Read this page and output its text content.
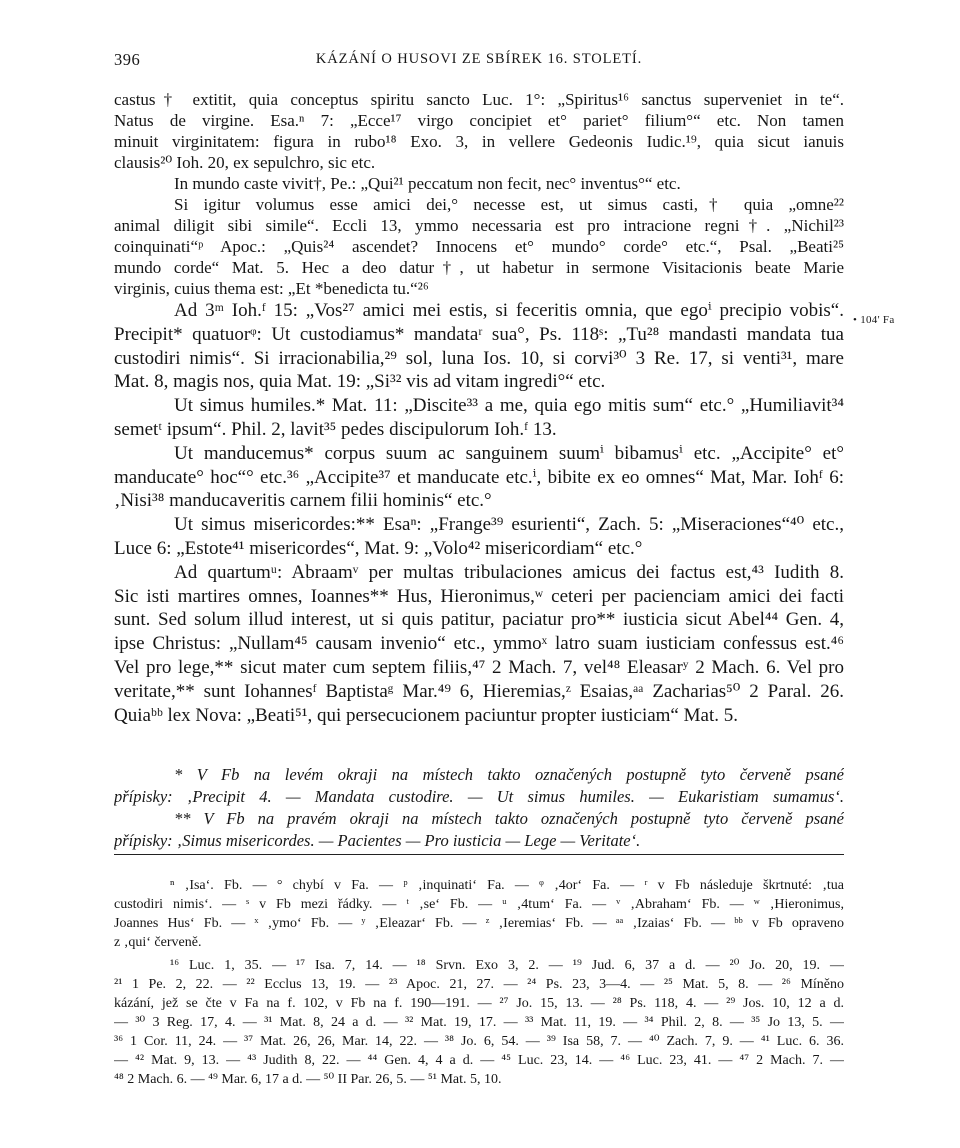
396	KÁZÁNÍ O HUSOVI ZE SBÍREK 16. STOLETÍ.
castus† extitit, quia conceptus spiritu sancto Luc. 1°: „Spiritus¹⁶ sanctus superveniet in te“.
Natus de virgine. Esa.ⁿ 7: „Ecce¹⁷ virgo concipiet et° pariet° filium°“ etc. Non tamen
minuit virginitatem: figura in rubo¹⁸ Exo. 3, in vellere Gedeonis Iudic.¹⁹, quia sicut ianuis
clausis²⁰ Ioh. 20, ex sepulchro, sic etc.
In mundo caste vivit†, Pe.: „Qui²¹ peccatum non fecit, nec° inventus°“ etc.
Si igitur volumus esse amici dei,° necesse est, ut simus casti,† quia „omne²²
animal diligit sibi simile“. Eccli 13, ymmo necessaria est pro intracione regni†. „Nichil²³
coinquinati“ᵖ Apoc.: „Quis²⁴ ascendet? Innocens et° mundo° corde° etc.“, Psal. „Beati²⁵
mundo corde“ Mat. 5. Hec a deo datur†, ut habetur in sermone Visitacionis beate Marie
virginis, cuius thema est: „Et *benedicta tu.“²⁶
Ad 3ᵐ Ioh.ᶠ 15: „Vos²⁷ amici mei estis, si feceritis omnia, que egoⁱ precipio vobis“.
Precipit* quatuorᵠ: Ut custodiamus* mandataʳ sua°, Ps. 118ˢ: „Tu²⁸ mandasti mandata tua
custodiri nimis“. Si irracionabilia,²⁹ sol, luna Ios. 10, si corvi³⁰ 3 Re. 17, si venti³¹, mare
Mat. 8, magis nos, quia Mat. 19: „Si³² vis ad vitam ingredi°“ etc.
Ut simus humiles.* Mat. 11: „Discite³³ a me, quia ego mitis sum“ etc.° „Humiliavit³⁴
semetᵗ ipsum“. Phil. 2, lavit³⁵ pedes discipulorum Ioh.ᶠ 13.
Ut manducemus* corpus suum ac sanguinem suumⁱ bibamusⁱ etc. „Accipite° et°
manducate° hoc“° etc.³⁶ „Accipite³⁷ et manducate etc.ⁱ, bibite ex eo omnes“ Mat, Mar. Iohᶠ 6:
‚Nisi³⁸ manducaveritis carnem filii hominis“ etc.°
Ut simus misericordes:** Esaⁿ: „Frange³⁹ esurienti“, Zach. 5: „Miseraciones“⁴⁰ etc.,
Luce 6: „Estote⁴¹ misericordes“, Mat. 9: „Volo⁴² misericordiam“ etc.°
Ad quartumᵘ: Abraamᵛ per multas tribulaciones amicus dei factus est,⁴³ Iudith 8.
Sic isti martires omnes, Ioannes** Hus, Hieronimus,ʷ ceteri per pacienciam amici dei facti
sunt. Sed solum illud interest, ut si quis patitur, paciatur pro** iusticia sicut Abel⁴⁴ Gen. 4,
ipse Christus: „Nullam⁴⁵ causam invenio“ etc., ymmoˣ latro suam iusticiam confessus est.⁴⁶
Vel pro lege,** sicut mater cum septem filiis,⁴⁷ 2 Mach. 7, vel⁴⁸ Eleasarʸ 2 Mach. 6. Vel pro
veritate,** sunt Iohannesᶠ Baptistaᵍ Mar.⁴⁹ 6, Hieremias,ᶻ Esaias,ᵃᵃ Zacharias⁵⁰ 2 Paral. 26.
Quiaᵇᵇ lex Nova: „Beati⁵¹, qui persecucionem paciuntur propter iusticiam“ Mat. 5.
• 104' Fa
* V Fb na levém okraji na místech takto označených postupně tyto červeně psané
přípisky: ‚Precipit 4. — Mandata custodire. — Ut simus humiles. — Eukaristiam sumamus‘.
** V Fb na pravém okraji na místech takto označených postupně tyto červeně psané
přípisky: ‚Simus misericordes. — Pacientes — Pro iusticia — Lege — Veritate‘.
ⁿ ‚Isa‘. Fb. — ° chybí v Fa. — ᵖ ‚inquinati‘ Fa. — ᵠ ‚4or‘ Fa. — ʳ v Fb následuje škrtnuté: ‚tua
custodiri nimis‘. — ˢ v Fb mezi řádky. — ᵗ ‚se‘ Fb. — ᵘ ‚4tum‘ Fa. — ᵛ ‚Abraham‘ Fb. — ʷ ‚Hieronimus,
Joannes Hus‘ Fb. — ˣ ‚ymo‘ Fb. — ʸ ‚Eleazar‘ Fb. — ᶻ ‚Ieremias‘ Fb. — ᵃᵃ ‚Izaias‘ Fb. — ᵇᵇ v Fb opraveno
z ‚qui‘ červeně.
¹⁶ Luc. 1, 35. — ¹⁷ Isa. 7, 14. — ¹⁸ Srvn. Exo 3, 2. — ¹⁹ Jud. 6, 37 a d. — ²⁰ Jo. 20, 19. —
²¹ 1 Pe. 2, 22. — ²² Ecclus 13, 19. — ²³ Apoc. 21, 27. — ²⁴ Ps. 23, 3—4. — ²⁵ Mat. 5, 8. — ²⁶ Míněno
kázání, jež se čte v Fa na f. 102, v Fb na f. 190—191. — ²⁷ Jo. 15, 13. — ²⁸ Ps. 118, 4. — ²⁹ Jos. 10, 12 a d.
— ³⁰ 3 Reg. 17, 4. — ³¹ Mat. 8, 24 a d. — ³² Mat. 19, 17. — ³³ Mat. 11, 19. — ³⁴ Phil. 2, 8. — ³⁵ Jo 13, 5. —
³⁶ 1 Cor. 11, 24. — ³⁷ Mat. 26, 26, Mar. 14, 22. — ³⁸ Jo. 6, 54. — ³⁹ Isa 58, 7. — ⁴⁰ Zach. 7, 9. — ⁴¹ Luc. 6. 36.
— ⁴² Mat. 9, 13. — ⁴³ Judith 8, 22. — ⁴⁴ Gen. 4, 4 a d. — ⁴⁵ Luc. 23, 14. — ⁴⁶ Luc. 23, 41. — ⁴⁷ 2 Mach. 7. —
⁴⁸ 2 Mach. 6. — ⁴⁹ Mar. 6, 17 a d. — ⁵⁰ II Par. 26, 5. — ⁵¹ Mat. 5, 10.
